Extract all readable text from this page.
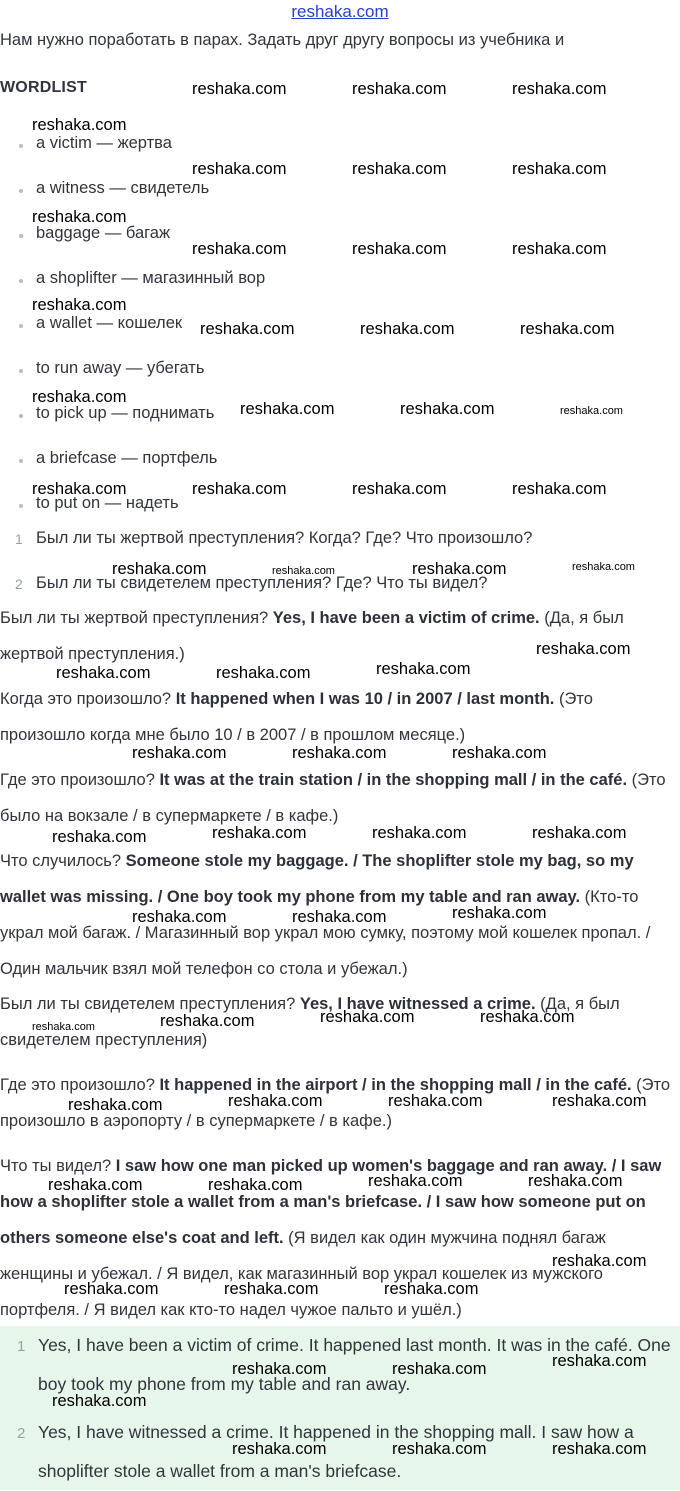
reshaka.com
Нам нужно поработать в парах. Задать друг другу вопросы из учебника и
WORDLIST
a victim — жертва
a witness — свидетель
baggage — багаж
a shoplifter — магазинный вор
a wallet — кошелек
to run away — убегать
to pick up — поднимать
a briefcase — портфель
to put on — надеть
1 Был ли ты жертвой преступления? Когда? Где? Что произошло?
2 Был ли ты свидетелем преступления? Где? Что ты видел?
Был ли ты жертвой преступления? Yes, I have been a victim of crime. (Да, я был жертвой преступления.)
Когда это произошло? It happened when I was 10 / in 2007 / last month. (Это произошло когда мне было 10 / в 2007 / в прошлом месяце.)
Где это произошло? It was at the train station / in the shopping mall / in the café. (Это было на вокзале / в супермаркете / в кафе.)
Что случилось? Someone stole my baggage. / The shoplifter stole my bag, so my wallet was missing. / One boy took my phone from my table and ran away. (Кто-то украл мой багаж. / Магазинный вор украл мою сумку, поэтому мой кошелек пропал. / Один мальчик взял мой телефон со стола и убежал.)
Был ли ты свидетелем преступления? Yes, I have witnessed a crime. (Да, я был свидетелем преступления)
Где это произошло? It happened in the airport / in the shopping mall / in the café. (Это произошло в аэропорту / в супермаркете / в кафе.)
Что ты видел? I saw how one man picked up women's baggage and ran away. / I saw how a shoplifter stole a wallet from a man's briefcase. / I saw how someone put on others someone else's coat and left. (Я видел как один мужчина поднял багаж женщины и убежал. / Я видел, как магазинный вор украл кошелек из мужского портфеля. / Я видел как кто-то надел чужое пальто и ушёл.)
1 Yes, I have been a victim of crime. It happened last month. It was in the café. One boy took my phone from my table and ran away.
2 Yes, I have witnessed a crime. It happened in the shopping mall. I saw how a shoplifter stole a wallet from a man's briefcase.
reshaka.com	reshaka.com	reshaka.com
reshaka.com
reshaka.com	reshaka.com	reshaka.com
reshaka.com
reshaka.com	reshaka.com	reshaka.com
reshaka.com
reshaka.com	reshaka.com	reshaka.com
reshaka.com
reshaka.com	reshaka.com	reshaka.com
reshaka.com	reshaka.com	reshaka.com	reshaka.com
reshaka.com	reshaka.com	reshaka.com	reshaka.com
reshaka.com
reshaka.com	reshaka.com	reshaka.com
reshaka.com	reshaka.com	reshaka.com
reshaka.com	reshaka.com	reshaka.com	reshaka.com
reshaka.com	reshaka.com	reshaka.com
reshaka.com	reshaka.com	reshaka.com	reshaka.com
reshaka.com	reshaka.com	reshaka.com	reshaka.com
reshaka.com	reshaka.com	reshaka.com	reshaka.com
reshaka.com
reshaka.com	reshaka.com	reshaka.com
reshaka.com
reshaka.com	reshaka.com
reshaka.com
reshaka.com	reshaka.com	reshaka.com
